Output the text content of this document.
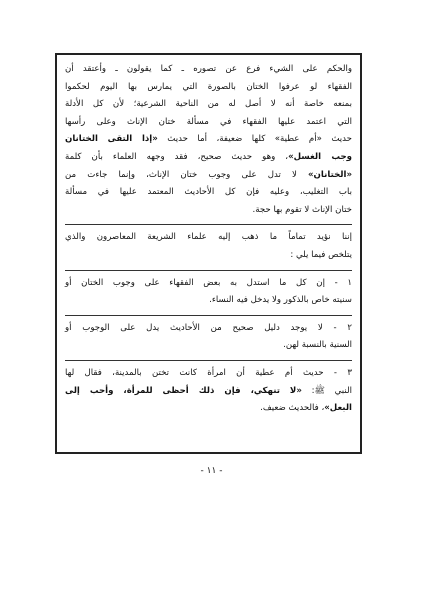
والحكم على الشيء فرع عن تصوره ـ كما يقولون ـ وأعتقد أن
الفقهاء لو عرفوا الختان بالصورة التي يمارس بها اليوم لحكموا
بمنعه خاصة أنه لا أصل له من الناحية الشرعية؛ لأن كل الأدلة
التي اعتمد عليها الفقهاء في مسألة ختان الإناث وعلى رأسها
حديث «أم عطية» كلها ضعيفة، أما حديث «إذا التقى الختانان
وجب الغسل»، وهو حديث صحيح، فقد وجهه العلماء بأن كلمة
«الختانان» لا تدل على وجوب ختان الإناث، وإنما جاءت من
باب التغليب، وعليه فإن كل الأحاديث المعتمد عليها في مسألة
ختان الإناث لا تقوم بها حجة.

إننا نؤيد تماماً ما ذهب إليه علماء الشريعة المعاصرون والذي
يتلخص فيما يلي :

١ - إن كل ما استدل به بعض الفقهاء على وجوب الختان أو
سنيته خاص بالذكور ولا يدخل فيه النساء.

٢ - لا يوجد دليل صحيح من الأحاديث يدل على الوجوب أو
السنية بالنسبة لهن.

٣ - حديث أم عطية أن امرأة كانت تختن بالمدينة، فقال لها
النبي ﷺ: «لا تنهكي، فإن ذلك أحظى للمرأة، وأحب إلى
البعل»، فالحديث ضعيف.

- ١١ -
